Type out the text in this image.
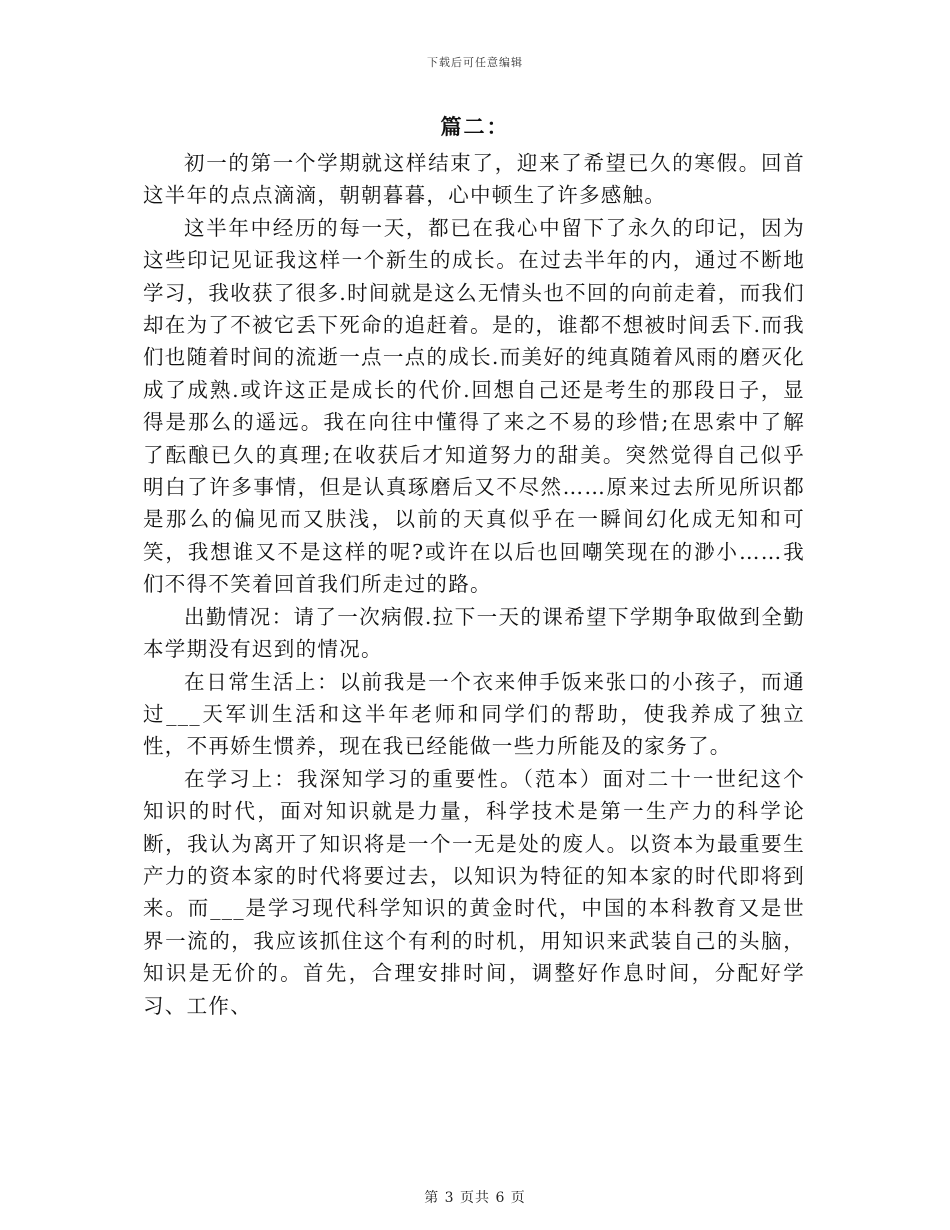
下载后可任意编辑
篇二：

初一的第一个学期就这样结束了，迎来了希望已久的寒假。回首这半年的点点滴滴，朝朝暮暮，心中顿生了许多感触。

这半年中经历的每一天，都已在我心中留下了永久的印记，因为这些印记见证我这样一个新生的成长。在过去半年的内，通过不断地学习，我收获了很多.时间就是这么无情头也不回的向前走着，而我们却在为了不被它丢下死命的追赶着。是的，谁都不想被时间丢下.而我们也随着时间的流逝一点一点的成长.而美好的纯真随着风雨的磨灭化成了成熟.或许这正是成长的代价.回想自己还是考生的那段日子，显得是那么的遥远。我在向往中懂得了来之不易的珍惜;在思索中了解了酝酿已久的真理;在收获后才知道努力的甜美。突然觉得自己似乎明白了许多事情，但是认真琢磨后又不尽然……原来过去所见所识都是那么的偏见而又肤浅，以前的天真似乎在一瞬间幻化成无知和可笑，我想谁又不是这样的呢?或许在以后也回嘲笑现在的渺小……我们不得不笑着回首我们所走过的路。

出勤情况：请了一次病假.拉下一天的课希望下学期争取做到全勤本学期没有迟到的情况。

在日常生活上：以前我是一个衣来伸手饭来张口的小孩子，而通过___天军训生活和这半年老师和同学们的帮助，使我养成了独立性，不再娇生惯养，现在我已经能做一些力所能及的家务了。

在学习上：我深知学习的重要性。（范本）面对二十一世纪这个知识的时代，面对知识就是力量，科学技术是第一生产力的科学论断，我认为离开了知识将是一个一无是处的废人。以资本为最重要生产力的资本家的时代将要过去，以知识为特征的知本家的时代即将到来。而___是学习现代科学知识的黄金时代，中国的本科教育又是世界一流的，我应该抓住这个有利的时机，用知识来武装自己的头脑，知识是无价的。首先，合理安排时间，调整好作息时间，分配好学习、工作、

第 3 页共 6 页
